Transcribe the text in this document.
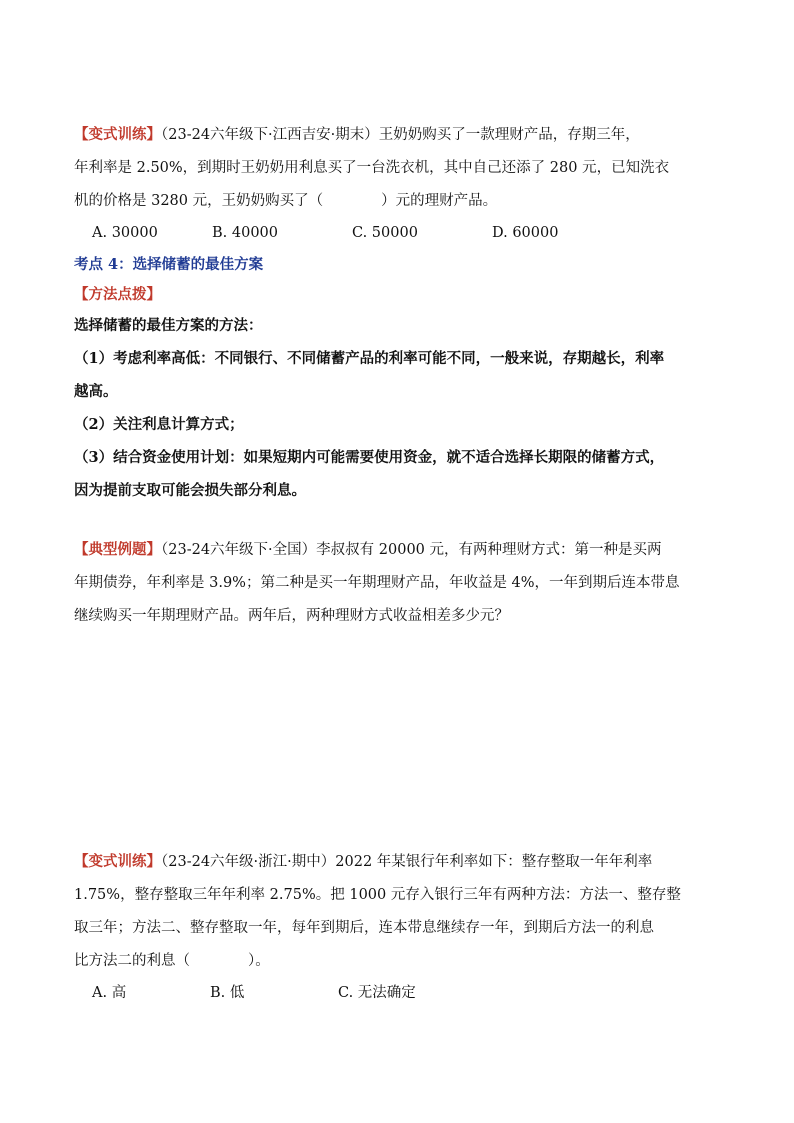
【变式训练】（23-24六年级下·江西吉安·期末）王奶奶购买了一款理财产品，存期三年，
年利率是 2.50%，到期时王奶奶用利息买了一台洗衣机，其中自己还添了 280 元，已知洗衣
机的价格是 3280 元，王奶奶购买了（　　　　）元的理财产品。
A. 30000	B. 40000	C. 50000	D. 60000
考点 4：选择储蓄的最佳方案
【方法点拨】
选择储蓄的最佳方案的方法：
（1）考虑利率高低：不同银行、不同储蓄产品的利率可能不同，一般来说，存期越长，利率
越高。
（2）关注利息计算方式；
（3）结合资金使用计划：如果短期内可能需要使用资金，就不适合选择长期限的储蓄方式，
因为提前支取可能会损失部分利息。
【典型例题】（23-24六年级下·全国）李叔叔有 20000 元，有两种理财方式：第一种是买两
年期债券，年利率是 3.9%；第二种是买一年期理财产品，年收益是 4%，一年到期后连本带息
继续购买一年期理财产品。两年后，两种理财方式收益相差多少元？
【变式训练】（23-24六年级·浙江·期中）2022 年某银行年利率如下：整存整取一年年利率
1.75%，整存整取三年年利率 2.75%。把 1000 元存入银行三年有两种方法：方法一、整存整
取三年；方法二、整存整取一年，每年到期后，连本带息继续存一年，到期后方法一的利息
比方法二的利息（　　　　）。
A. 高	B. 低	C. 无法确定
